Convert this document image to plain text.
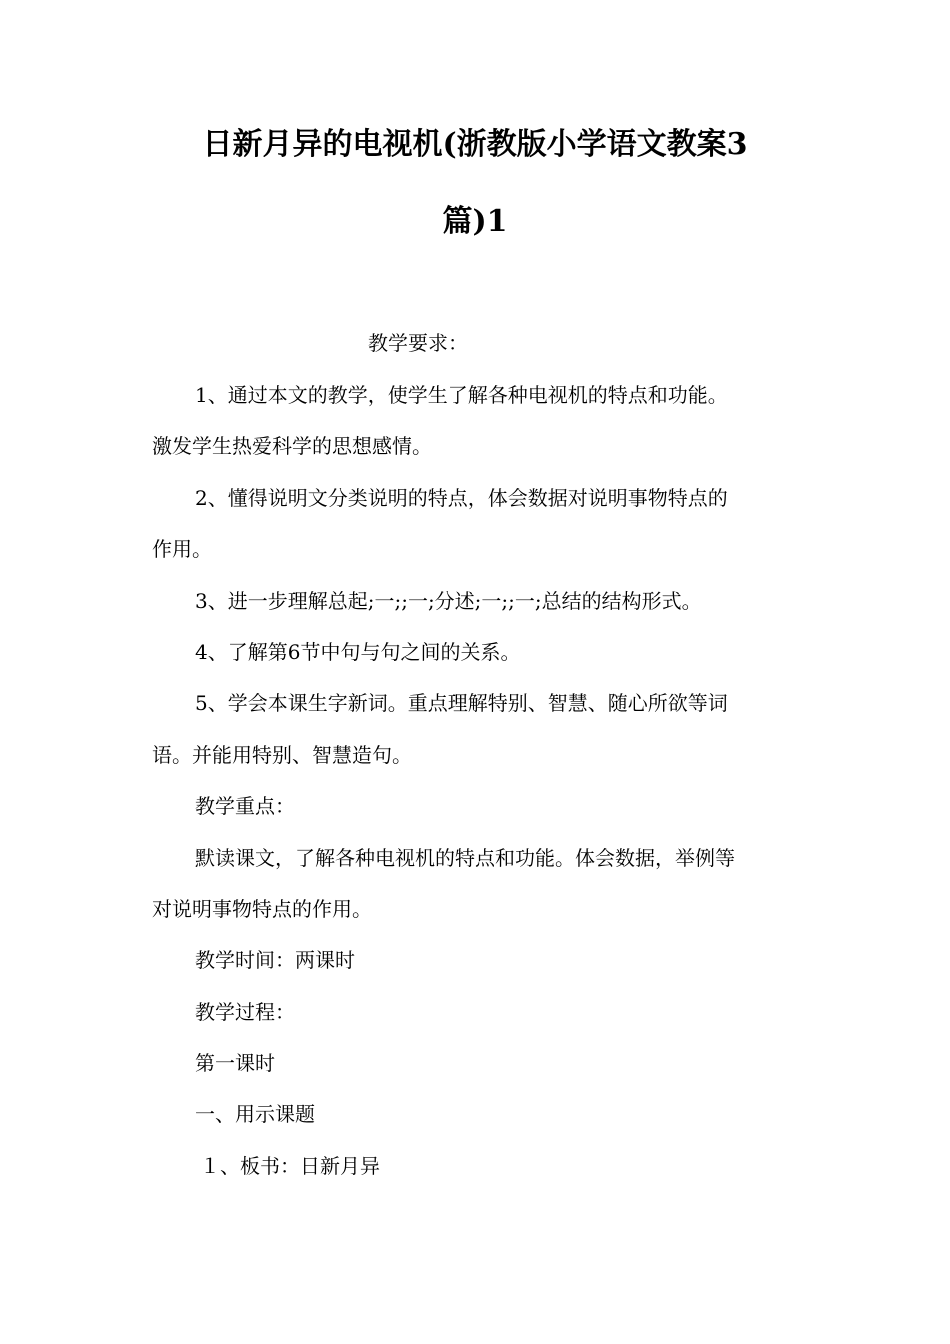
日新月异的电视机(浙教版小学语文教案3
篇)1
教学要求：
1、通过本文的教学，使学生了解各种电视机的特点和功能。
激发学生热爱科学的思想感情。
2、懂得说明文分类说明的特点，体会数据对说明事物特点的
作用。
3、进一步理解总起;一;;一;分述;一;;一;总结的结构形式。
4、了解第6节中句与句之间的关系。
5、学会本课生字新词。重点理解特别、智慧、随心所欲等词
语。并能用特别、智慧造句。
教学重点：
默读课文，了解各种电视机的特点和功能。体会数据，举例等
对说明事物特点的作用。
教学时间：两课时
教学过程：
第一课时
一、用示课题
１、板书：日新月异
